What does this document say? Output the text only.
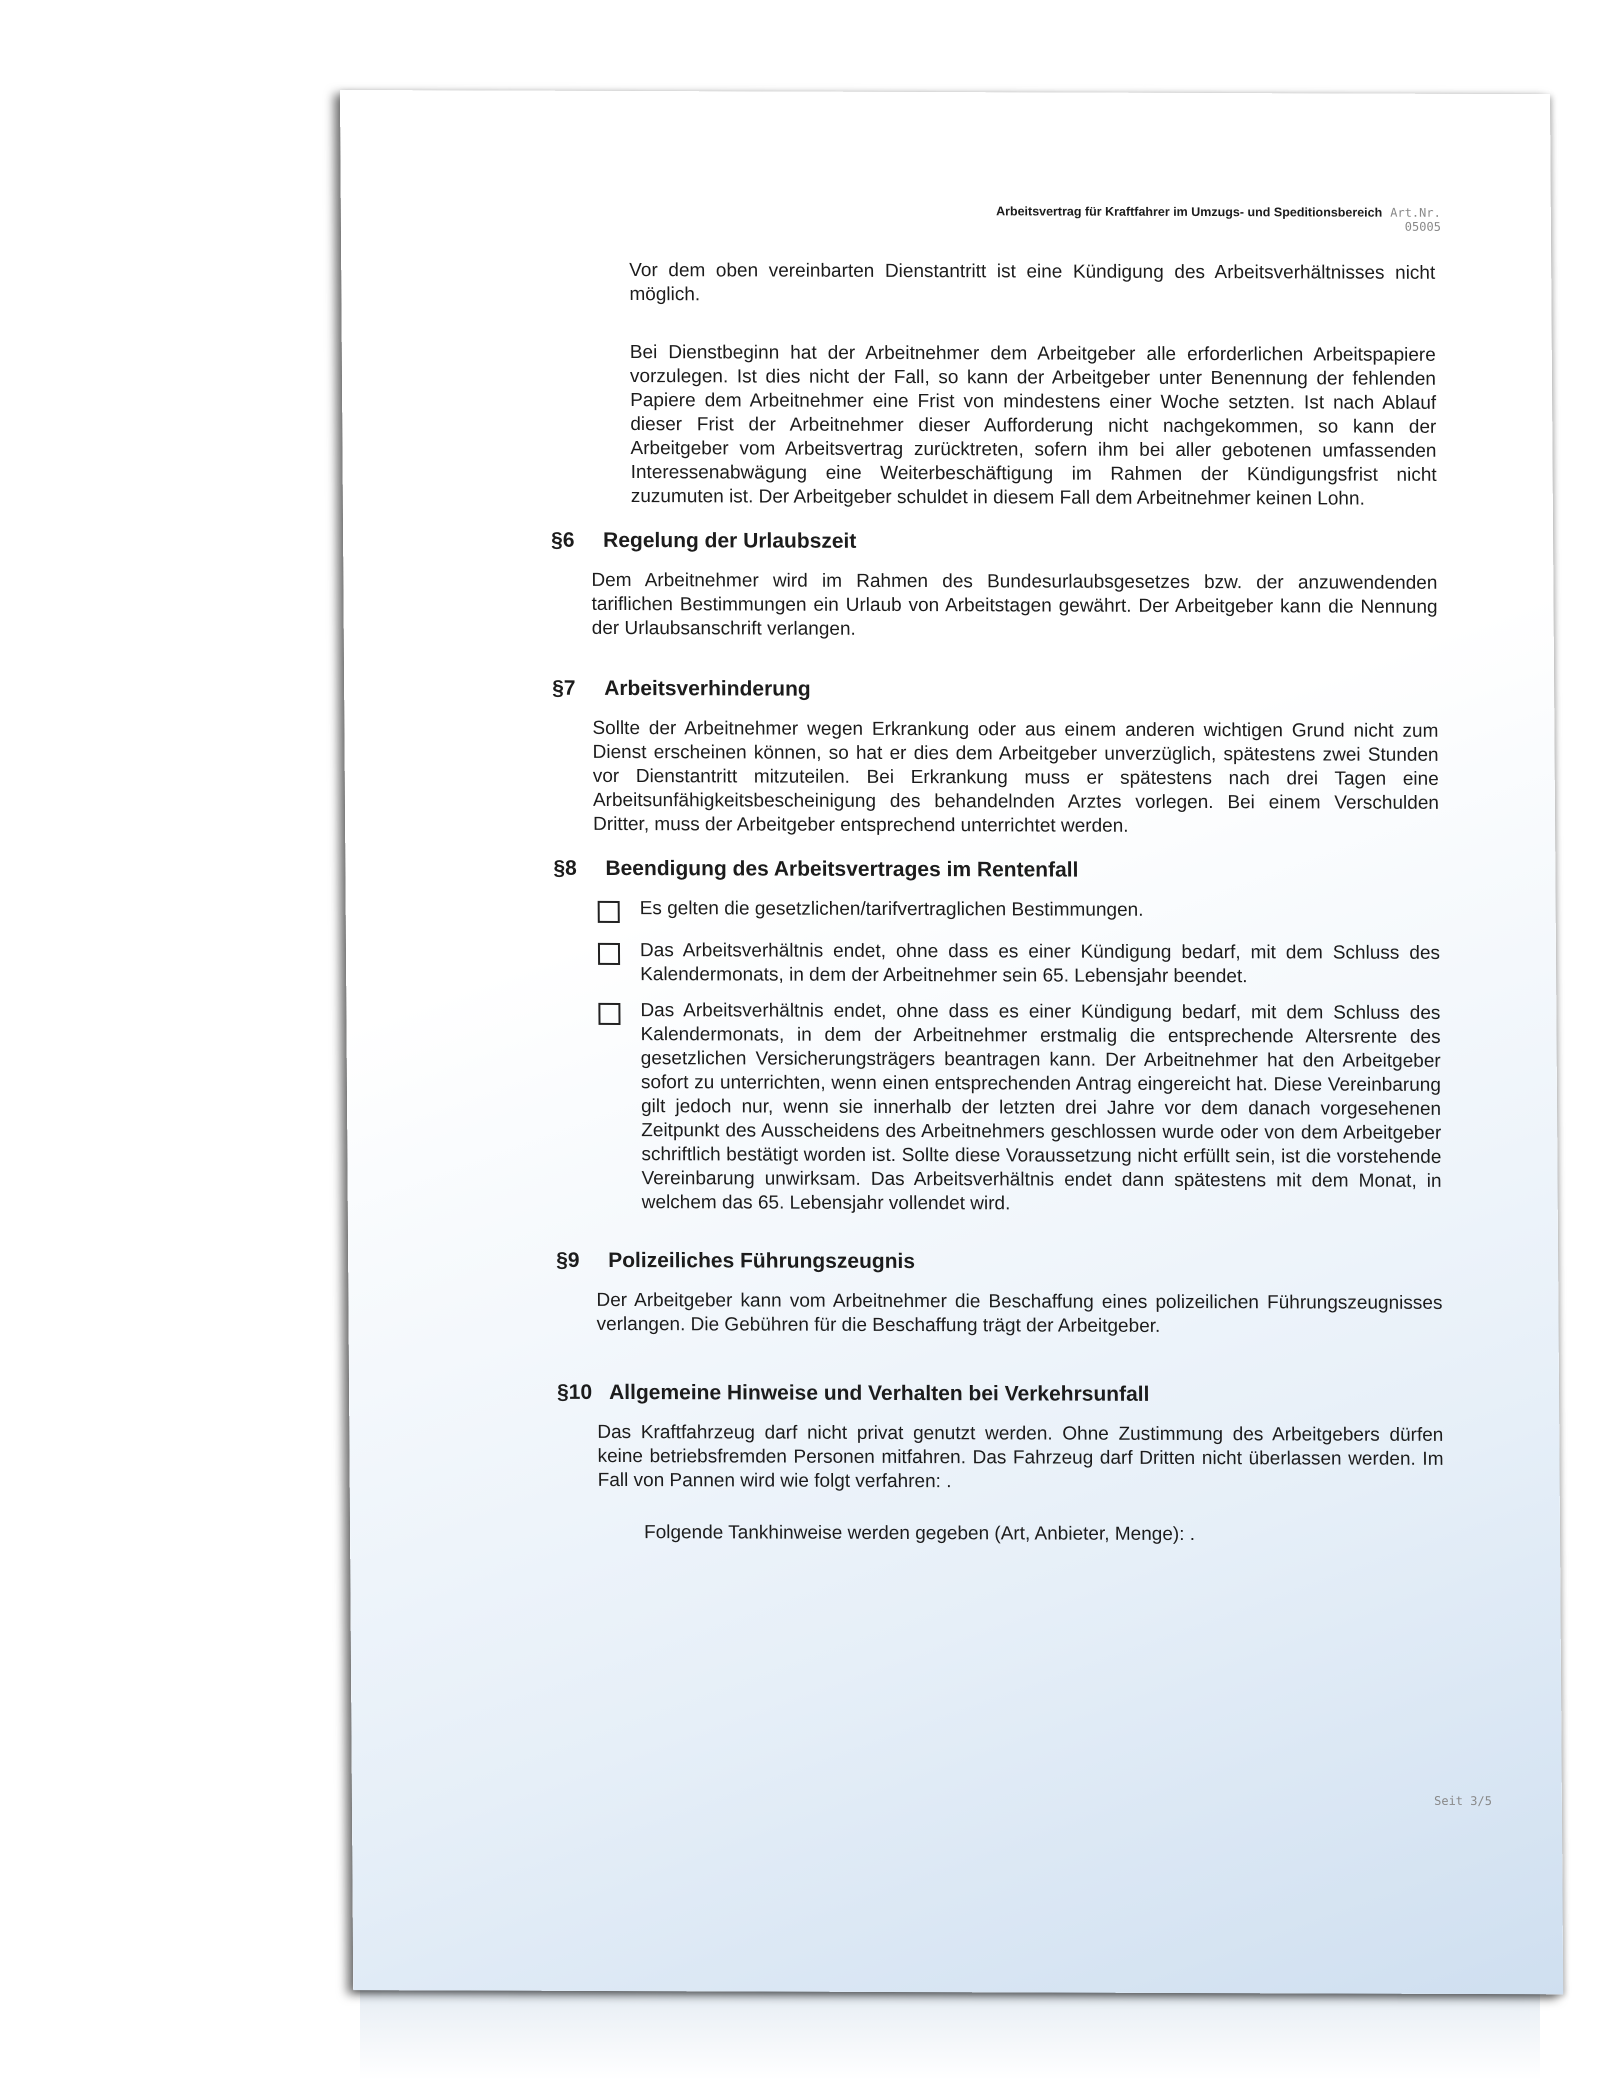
Arbeitsvertrag für Kraftfahrer im Umzugs- und Speditionsbereich Art.Nr. 05005
Vor dem oben vereinbarten Dienstantritt ist eine Kündigung des Arbeitsverhältnisses nicht möglich.
Bei Dienstbeginn hat der Arbeitnehmer dem Arbeitgeber alle erforderlichen Arbeitspapiere vorzulegen. Ist dies nicht der Fall, so kann der Arbeitgeber unter Benennung der fehlenden Papiere dem Arbeitnehmer eine Frist von mindestens einer Woche setzten. Ist nach Ablauf dieser Frist der Arbeitnehmer dieser Aufforderung nicht nachgekommen, so kann der Arbeitgeber vom Arbeitsvertrag zurücktreten, sofern ihm bei aller gebotenen umfassenden Interessenabwägung eine Weiterbeschäftigung im Rahmen der Kündigungsfrist nicht zuzumuten ist. Der Arbeitgeber schuldet in diesem Fall dem Arbeitnehmer keinen Lohn.
§6 Regelung der Urlaubszeit
Dem Arbeitnehmer wird im Rahmen des Bundesurlaubsgesetzes bzw. der anzuwendenden tariflichen Bestimmungen ein Urlaub von Arbeitstagen gewährt. Der Arbeitgeber kann die Nennung der Urlaubsanschrift verlangen.
§7 Arbeitsverhinderung
Sollte der Arbeitnehmer wegen Erkrankung oder aus einem anderen wichtigen Grund nicht zum Dienst erscheinen können, so hat er dies dem Arbeitgeber unverzüglich, spätestens zwei Stunden vor Dienstantritt mitzuteilen. Bei Erkrankung muss er spätestens nach drei Tagen eine Arbeitsunfähigkeitsbescheinigung des behandelnden Arztes vorlegen. Bei einem Verschulden Dritter, muss der Arbeitgeber entsprechend unterrichtet werden.
§8 Beendigung des Arbeitsvertrages im Rentenfall
Es gelten die gesetzlichen/tarifvertraglichen Bestimmungen.
Das Arbeitsverhältnis endet, ohne dass es einer Kündigung bedarf, mit dem Schluss des Kalendermonats, in dem der Arbeitnehmer sein 65. Lebensjahr beendet.
Das Arbeitsverhältnis endet, ohne dass es einer Kündigung bedarf, mit dem Schluss des Kalendermonats, in dem der Arbeitnehmer erstmalig die entsprechende Altersrente des gesetzlichen Versicherungsträgers beantragen kann. Der Arbeitnehmer hat den Arbeitgeber sofort zu unterrichten, wenn einen entsprechenden Antrag eingereicht hat. Diese Vereinbarung gilt jedoch nur, wenn sie innerhalb der letzten drei Jahre vor dem danach vorgesehenen Zeitpunkt des Ausscheidens des Arbeitnehmers geschlossen wurde oder von dem Arbeitgeber schriftlich bestätigt worden ist. Sollte diese Voraussetzung nicht erfüllt sein, ist die vorstehende Vereinbarung unwirksam. Das Arbeitsverhältnis endet dann spätestens mit dem Monat, in welchem das 65. Lebensjahr vollendet wird.
§9 Polizeiliches Führungszeugnis
Der Arbeitgeber kann vom Arbeitnehmer die Beschaffung eines polizeilichen Führungszeugnisses verlangen. Die Gebühren für die Beschaffung trägt der Arbeitgeber.
§10 Allgemeine Hinweise und Verhalten bei Verkehrsunfall
Das Kraftfahrzeug darf nicht privat genutzt werden. Ohne Zustimmung des Arbeitgebers dürfen keine betriebsfremden Personen mitfahren. Das Fahrzeug darf Dritten nicht überlassen werden. Im Fall von Pannen wird wie folgt verfahren: .
Folgende Tankhinweise werden gegeben (Art, Anbieter, Menge): .
Seit 3/5
